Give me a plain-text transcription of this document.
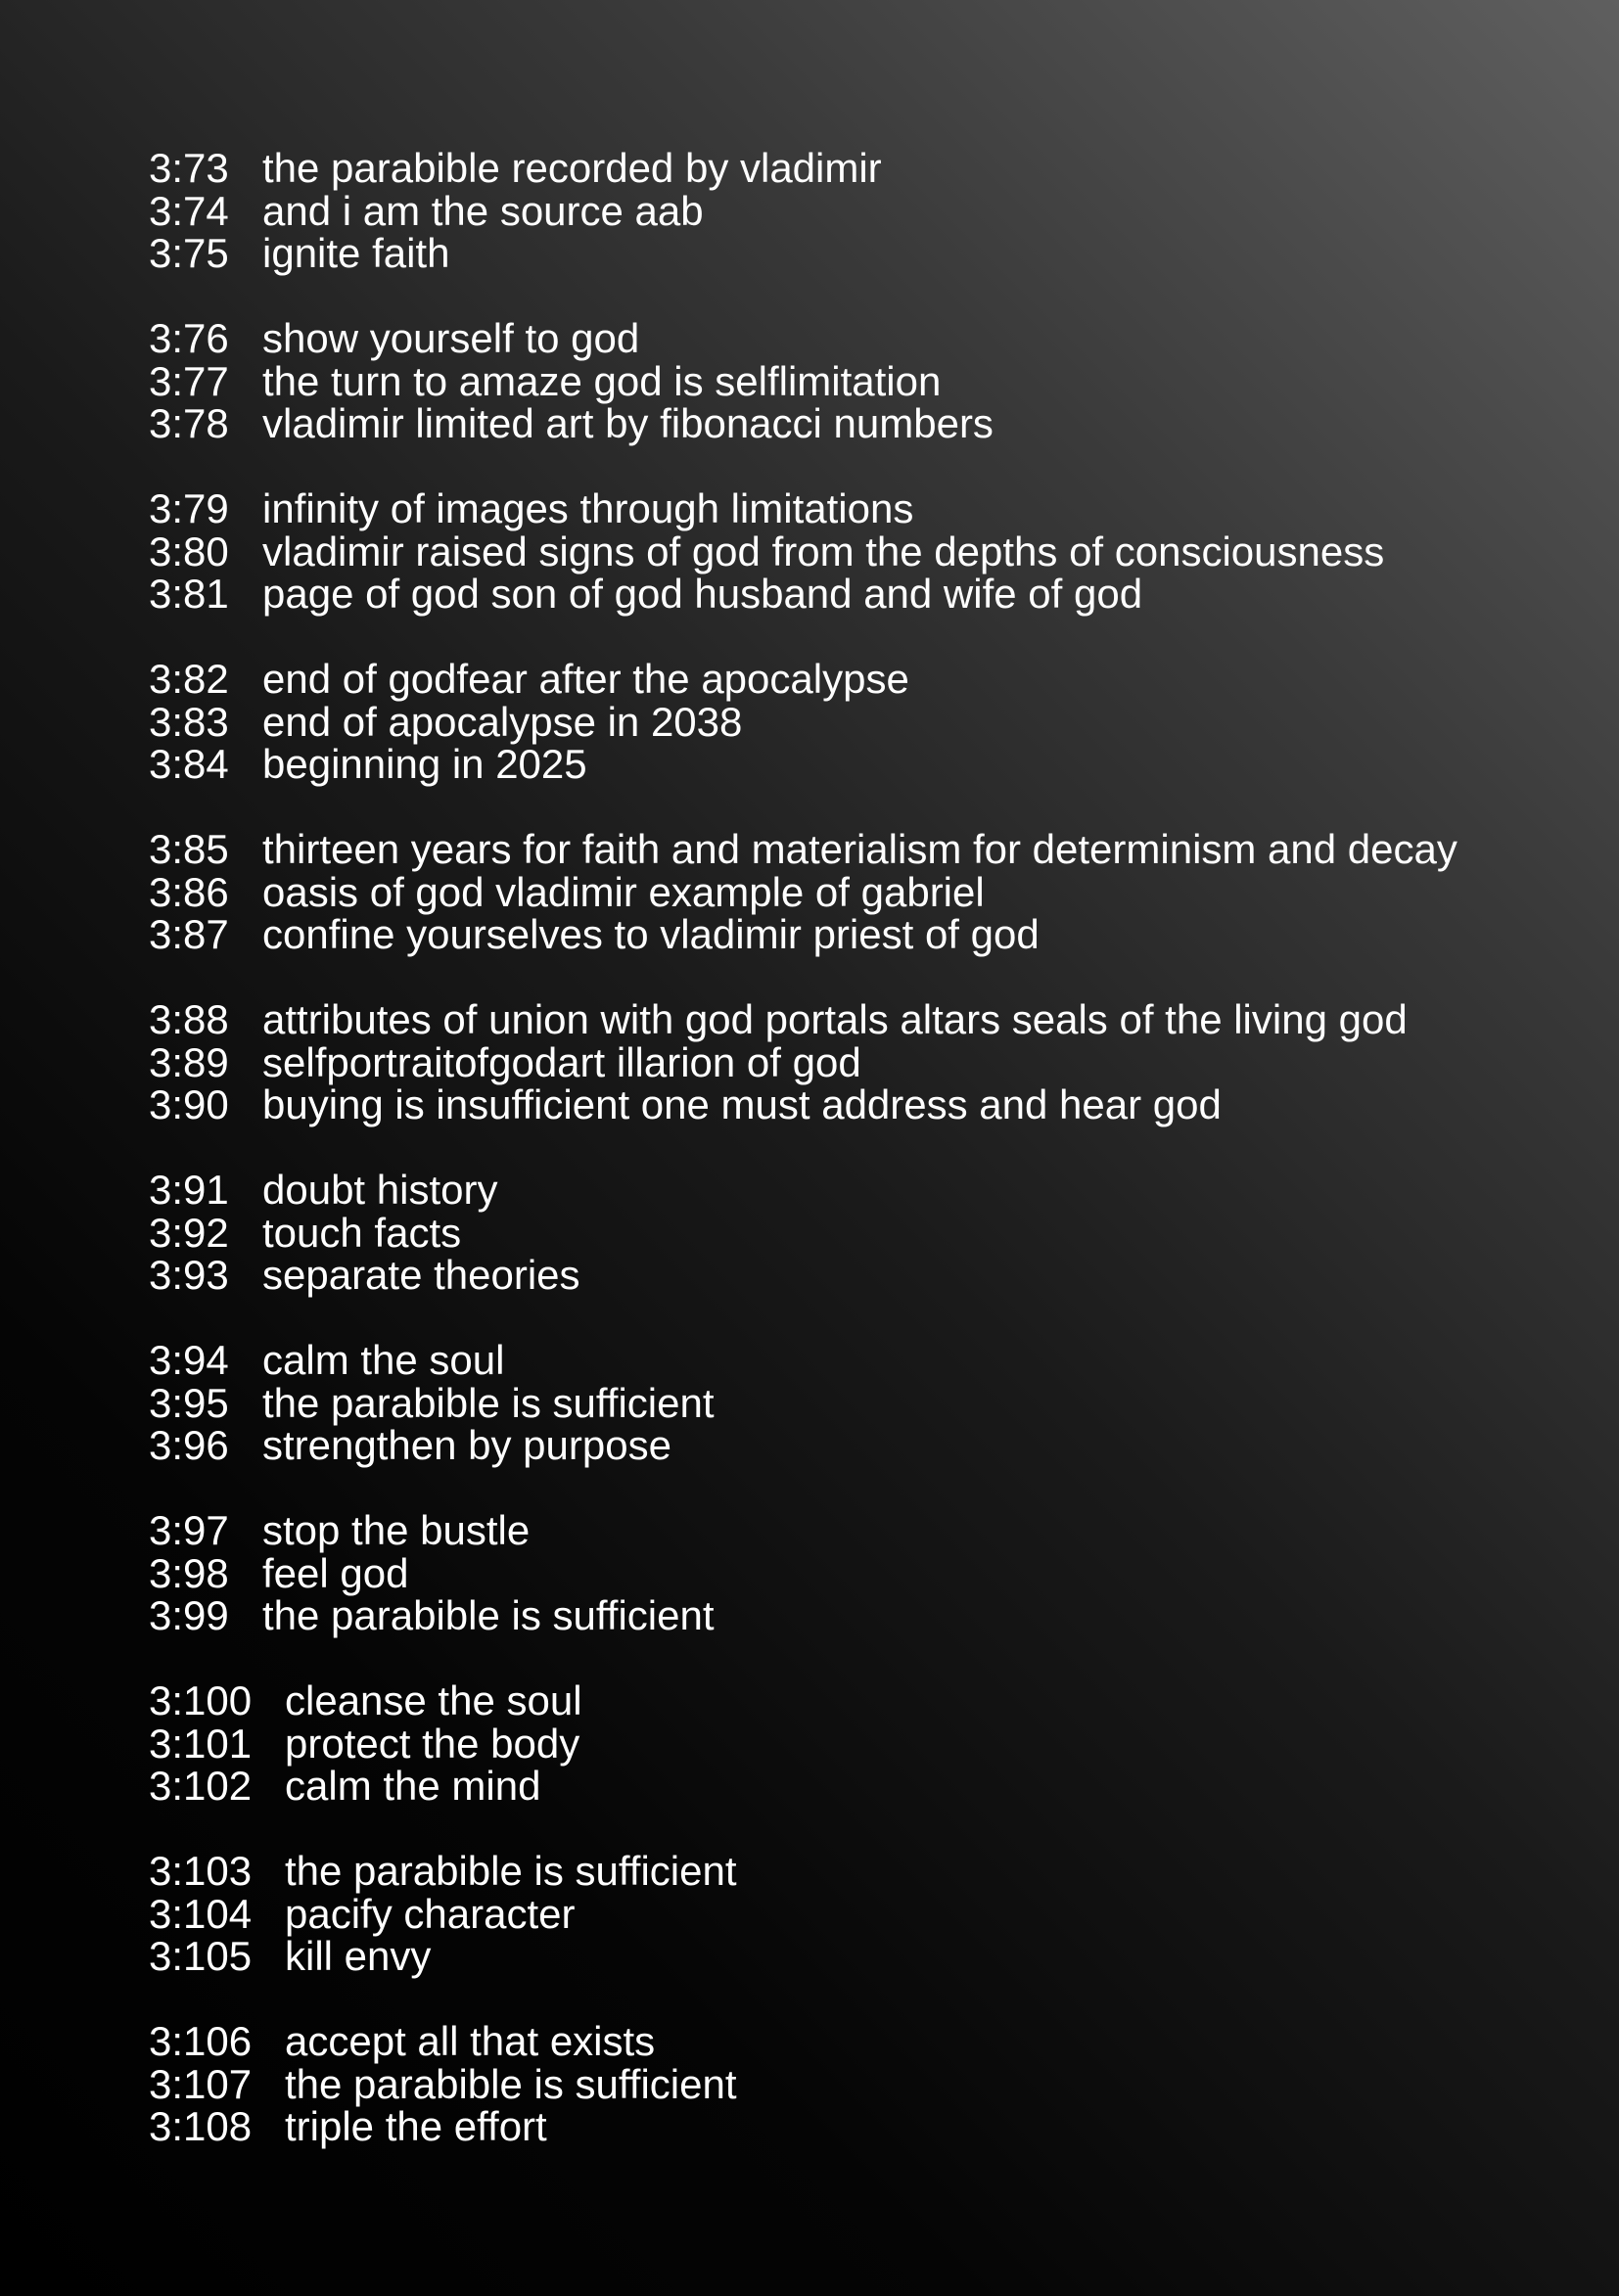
3:73 the parabible recorded by vladimir
3:74 and i am the source aab
3:75 ignite faith
3:76 show yourself to god
3:77 the turn to amaze god is selflimitation
3:78 vladimir limited art by fibonacci numbers
3:79 infinity of images through limitations
3:80 vladimir raised signs of god from the depths of consciousness
3:81 page of god son of god husband and wife of god
3:82 end of godfear after the apocalypse
3:83 end of apocalypse in 2038
3:84 beginning in 2025
3:85 thirteen years for faith and materialism for determinism and decay
3:86 oasis of god vladimir example of gabriel
3:87 confine yourselves to vladimir priest of god
3:88 attributes of union with god portals altars seals of the living god
3:89 selfportraitofgodart illarion of god
3:90 buying is insufficient one must address and hear god
3:91 doubt history
3:92 touch facts
3:93 separate theories
3:94 calm the soul
3:95 the parabible is sufficient
3:96 strengthen by purpose
3:97 stop the bustle
3:98 feel god
3:99 the parabible is sufficient
3:100 cleanse the soul
3:101 protect the body
3:102 calm the mind
3:103 the parabible is sufficient
3:104 pacify character
3:105 kill envy
3:106 accept all that exists
3:107 the parabible is sufficient
3:108 triple the effort
